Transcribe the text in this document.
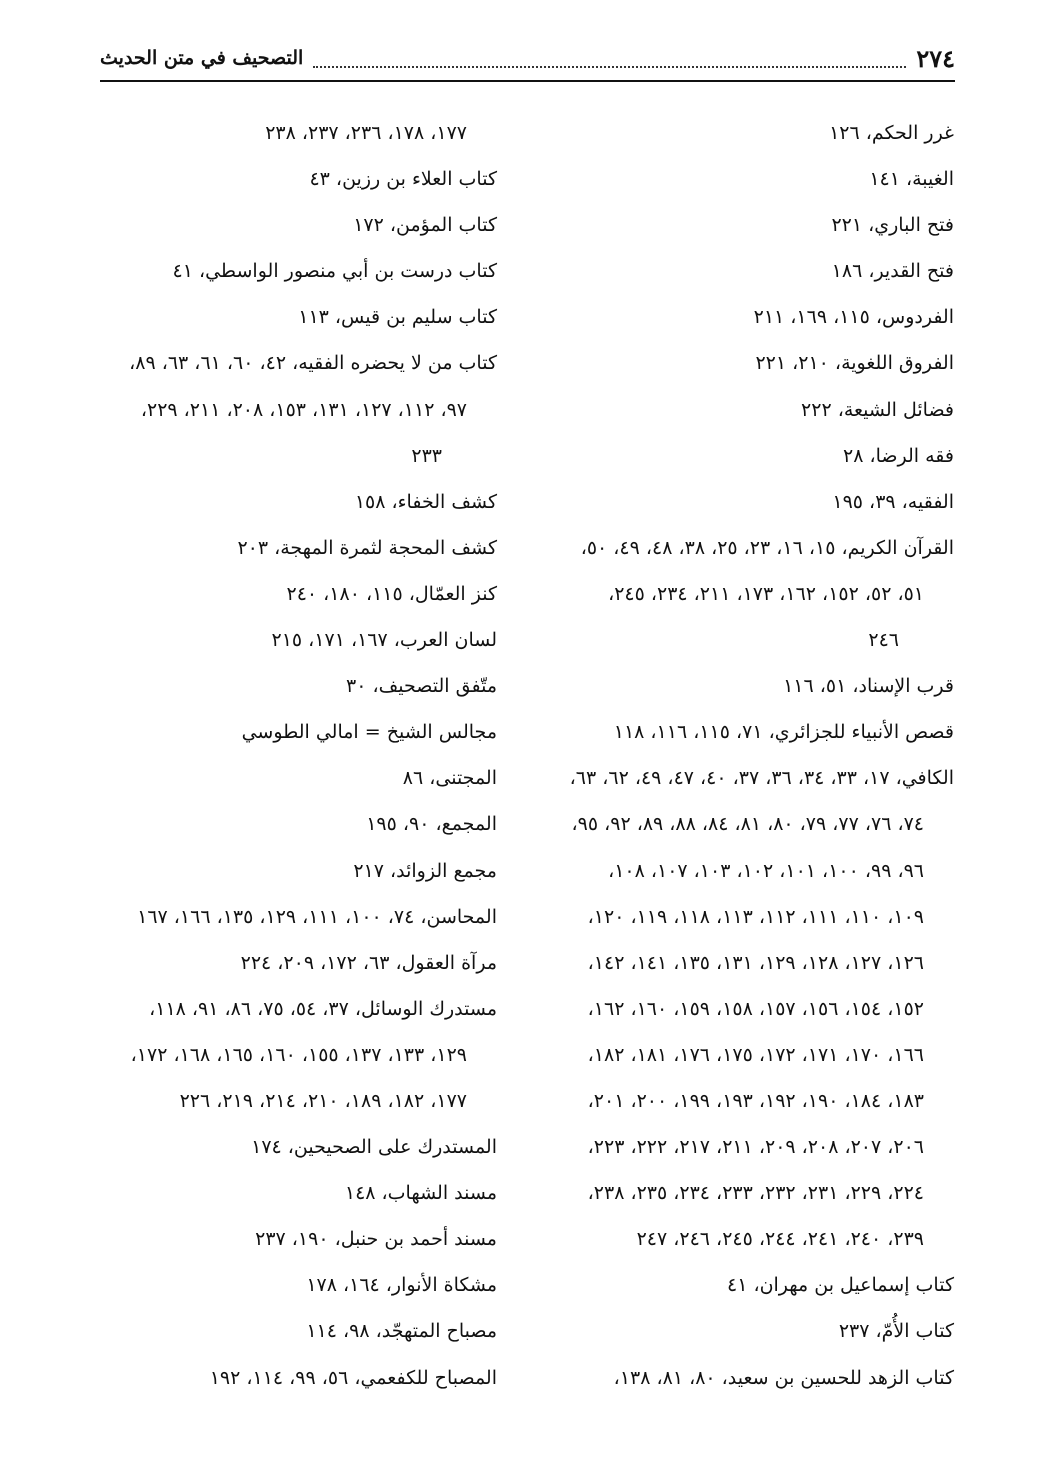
٢٧٤
التصحيف في متن الحديث
غرر الحكم، ١٢٦
الغيبة، ١٤١
فتح الباري، ٢٢١
فتح القدير، ١٨٦
الفردوس، ١١٥، ١٦٩، ٢١١
الفروق اللغوية، ٢١٠، ٢٢١
فضائل الشيعة، ٢٢٢
فقه الرضا، ٢٨
الفقيه، ٣٩، ١٩٥
القرآن الكريم، ١٥، ١٦، ٢٣، ٢٥، ٣٨، ٤٨، ٤٩، ٥٠،
٥١، ٥٢، ١٥٢، ١٦٢، ١٧٣، ٢١١، ٢٣٤، ٢٤٥،
٢٤٦
قرب الإسناد، ٥١، ١١٦
قصص الأنبياء للجزائري، ٧١، ١١٥، ١١٦، ١١٨
الكافي، ١٧، ٣٣، ٣٤، ٣٦، ٣٧، ٤٠، ٤٧، ٤٩، ٦٢، ٦٣،
٧٤، ٧٦، ٧٧، ٧٩، ٨٠، ٨١، ٨٤، ٨٨، ٨٩، ٩٢، ٩٥،
٩٦، ٩٩، ١٠٠، ١٠١، ١٠٢، ١٠٣، ١٠٧، ١٠٨،
١٠٩، ١١٠، ١١١، ١١٢، ١١٣، ١١٨، ١١٩، ١٢٠،
١٢٦، ١٢٧، ١٢٨، ١٢٩، ١٣١، ١٣٥، ١٤١، ١٤٢،
١٥٢، ١٥٤، ١٥٦، ١٥٧، ١٥٨، ١٥٩، ١٦٠، ١٦٢،
١٦٦، ١٧٠، ١٧١، ١٧٢، ١٧٥، ١٧٦، ١٨١، ١٨٢،
١٨٣، ١٨٤، ١٩٠، ١٩٢، ١٩٣، ١٩٩، ٢٠٠، ٢٠١،
٢٠٦، ٢٠٧، ٢٠٨، ٢٠٩، ٢١١، ٢١٧، ٢٢٢، ٢٢٣،
٢٢٤، ٢٢٩، ٢٣١، ٢٣٢، ٢٣٣، ٢٣٤، ٢٣٥، ٢٣٨،
٢٣٩، ٢٤٠، ٢٤١، ٢٤٤، ٢٤٥، ٢٤٦، ٢٤٧
كتاب إسماعيل بن مهران، ٤١
كتاب الأُمّ، ٢٣٧
كتاب الزهد للحسين بن سعيد، ٨٠، ٨١، ١٣٨،
١٧٧، ١٧٨، ٢٣٦، ٢٣٧، ٢٣٨
كتاب العلاء بن رزين، ٤٣
كتاب المؤمن، ١٧٢
كتاب درست بن أبي منصور الواسطي، ٤١
كتاب سليم بن قيس، ١١٣
كتاب من لا يحضره الفقيه، ٤٢، ٦٠، ٦١، ٦٣، ٨٩،
٩٧، ١١٢، ١٢٧، ١٣١، ١٥٣، ٢٠٨، ٢١١، ٢٢٩،
٢٣٣
كشف الخفاء، ١٥٨
كشف المحجة لثمرة المهجة، ٢٠٣
كنز العمّال، ١١٥، ١٨٠، ٢٤٠
لسان العرب، ١٦٧، ١٧١، ٢١٥
متّفق التصحيف، ٣٠
مجالس الشيخ = امالي الطوسي
المجتنى، ٨٦
المجمع، ٩٠، ١٩٥
مجمع الزوائد، ٢١٧
المحاسن، ٧٤، ١٠٠، ١١١، ١٢٩، ١٣٥، ١٦٦، ١٦٧
مرآة العقول، ٦٣، ١٧٢، ٢٠٩، ٢٢٤
مستدرك الوسائل، ٣٧، ٥٤، ٧٥، ٨٦، ٩١، ١١٨،
١٢٩، ١٣٣، ١٣٧، ١٥٥، ١٦٠، ١٦٥، ١٦٨، ١٧٢،
١٧٧، ١٨٢، ١٨٩، ٢١٠، ٢١٤، ٢١٩، ٢٢٦
المستدرك على الصحيحين، ١٧٤
مسند الشهاب، ١٤٨
مسند أحمد بن حنبل، ١٩٠، ٢٣٧
مشكاة الأنوار، ١٦٤، ١٧٨
مصباح المتهجّد، ٩٨، ١١٤
المصباح للكفعمي، ٥٦، ٩٩، ١١٤، ١٩٢
